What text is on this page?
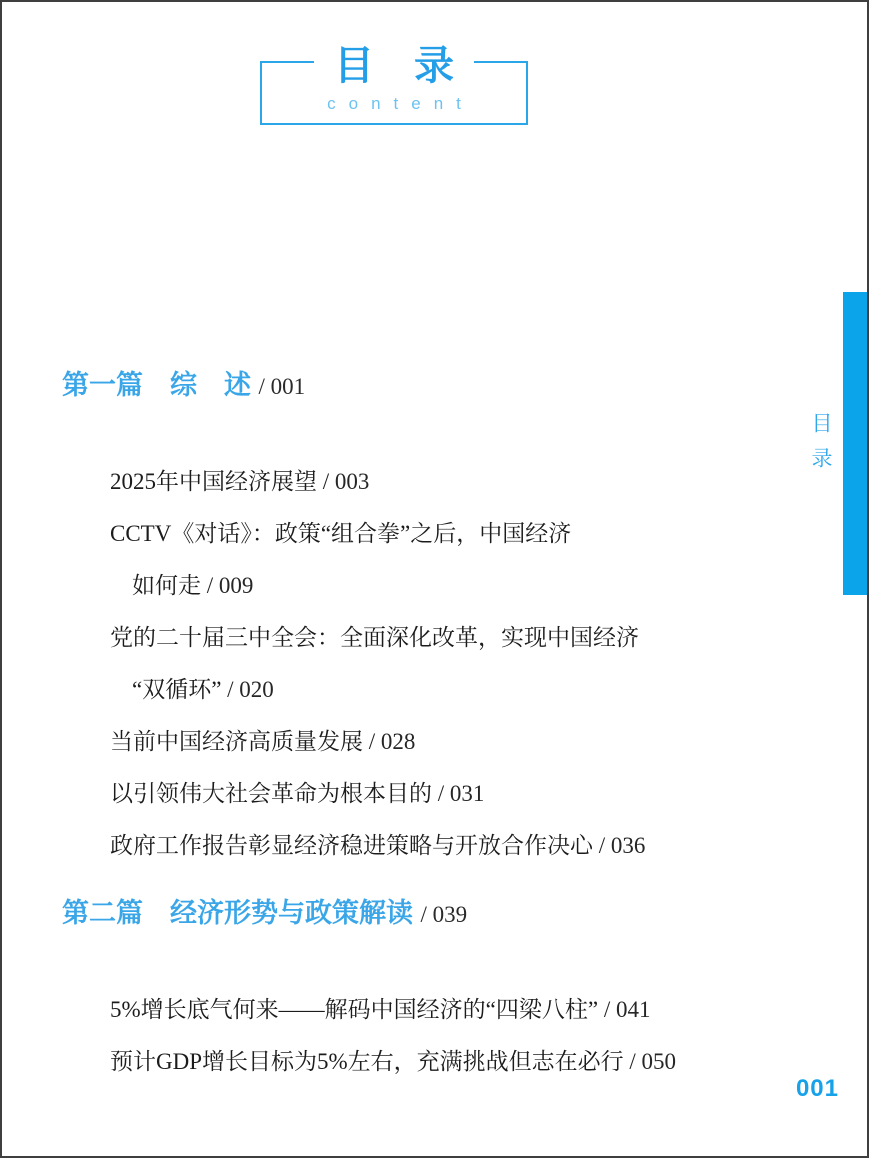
目　录
content
第一篇　综　述 / 001
2025年中国经济展望 / 003
CCTV《对话》：政策“组合拳”之后，中国经济
如何走 / 009
党的二十届三中全会：全面深化改革，实现中国经济
“双循环” / 020
当前中国经济高质量发展 / 028
以引领伟大社会革命为根本目的 / 031
政府工作报告彰显经济稳进策略与开放合作决心 / 036
第二篇　经济形势与政策解读 / 039
5%增长底气何来——解码中国经济的“四梁八柱” / 041
预计GDP增长目标为5%左右，充满挑战但志在必行 / 050
目录
001
